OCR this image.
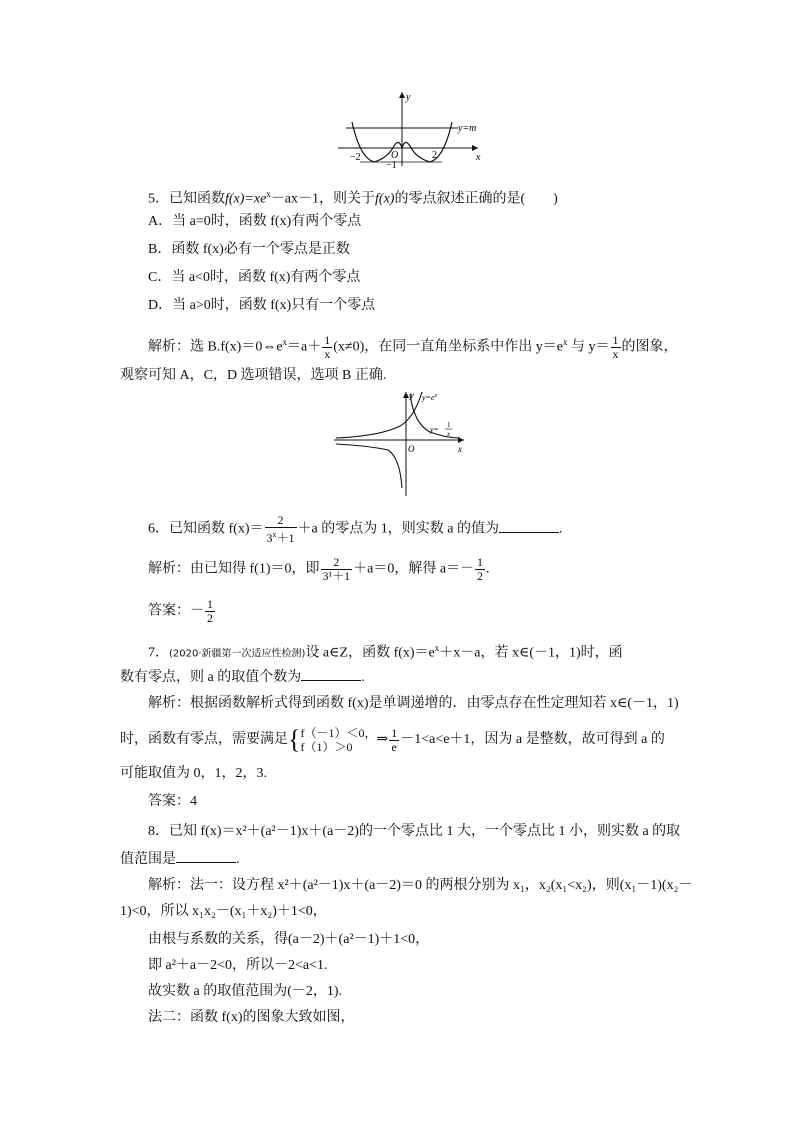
y
x
y=m
−2	O	2
−1
5．已知函数$f(x)=xe^x-ax-1$，则关于f(x)的零点叙述正确的是(　　)
A．当 a=0时，函数 f(x)有两个零点
B．函数 f(x)必有一个零点是正数
C．当 a<0时，函数 f(x)有两个零点
D．当 a>0时，函数 f(x)只有一个零点
解析：选 $B.f(x)=0\Leftrightarrow e^x=a+ \frac{1}{x} (x\ne 0)$，在同一直角坐标系中作出 $y=e^x$ 与 $y= \frac{1}{x}$ 的图象，
观察可知 A，C，D 选项错误，选项 B 正确.
y
x
O
$y=e^x$
y= 1
x
6．已知函数 $f(x)= \frac{2}{3^x+1} +a$ 的零点为 1，则实数 a 的值为	.
解析：由已知得 f(1)＝0，即 $\frac{2}{\text{3¹＋1}} +a=0$，解得 $a=- \frac{1}{2}$ .
答案：－ $\frac{1}{2}$
7．(2020·新疆第一次适应性检测)设 a∈Z，函数 $f(x)=e^x+x-a$，若 x∈(－1，1)时，函
数有零点，则 a 的取值个数为	.
解析：根据函数解析式得到函数 f(x)是单调递增的．由零点存在性定理知若 x∈(－1，1)
时，函数有零点，需要满足{ f（－1）＜0，
f（1）＞0	⇒ $\frac{1}{e} -1<a<e+1$，因为 a 是整数，故可得到 a 的
可能取值为 0，1，2，3.
答案：4
8．已知 f(x)＝x²＋(a²－1)x＋(a－2)的一个零点比 1 大，一个零点比 1 小，则实数 a 的取
值范围是	.
解析：法一：设方程 x²＋(a²－1)x＋(a－2)＝0 的两根分别为 x₁，x₂(x₁<x₂)，则(x₁－1)(x₂－
1)<0，所以 x₁x₂－(x₁＋x₂)＋1<0，
由根与系数的关系，得(a－2)＋(a²－1)＋1<0，
即 a²＋a－2<0，所以－2<a<1.
故实数 a 的取值范围为(－2，1).
法二：函数 f(x)的图象大致如图，
